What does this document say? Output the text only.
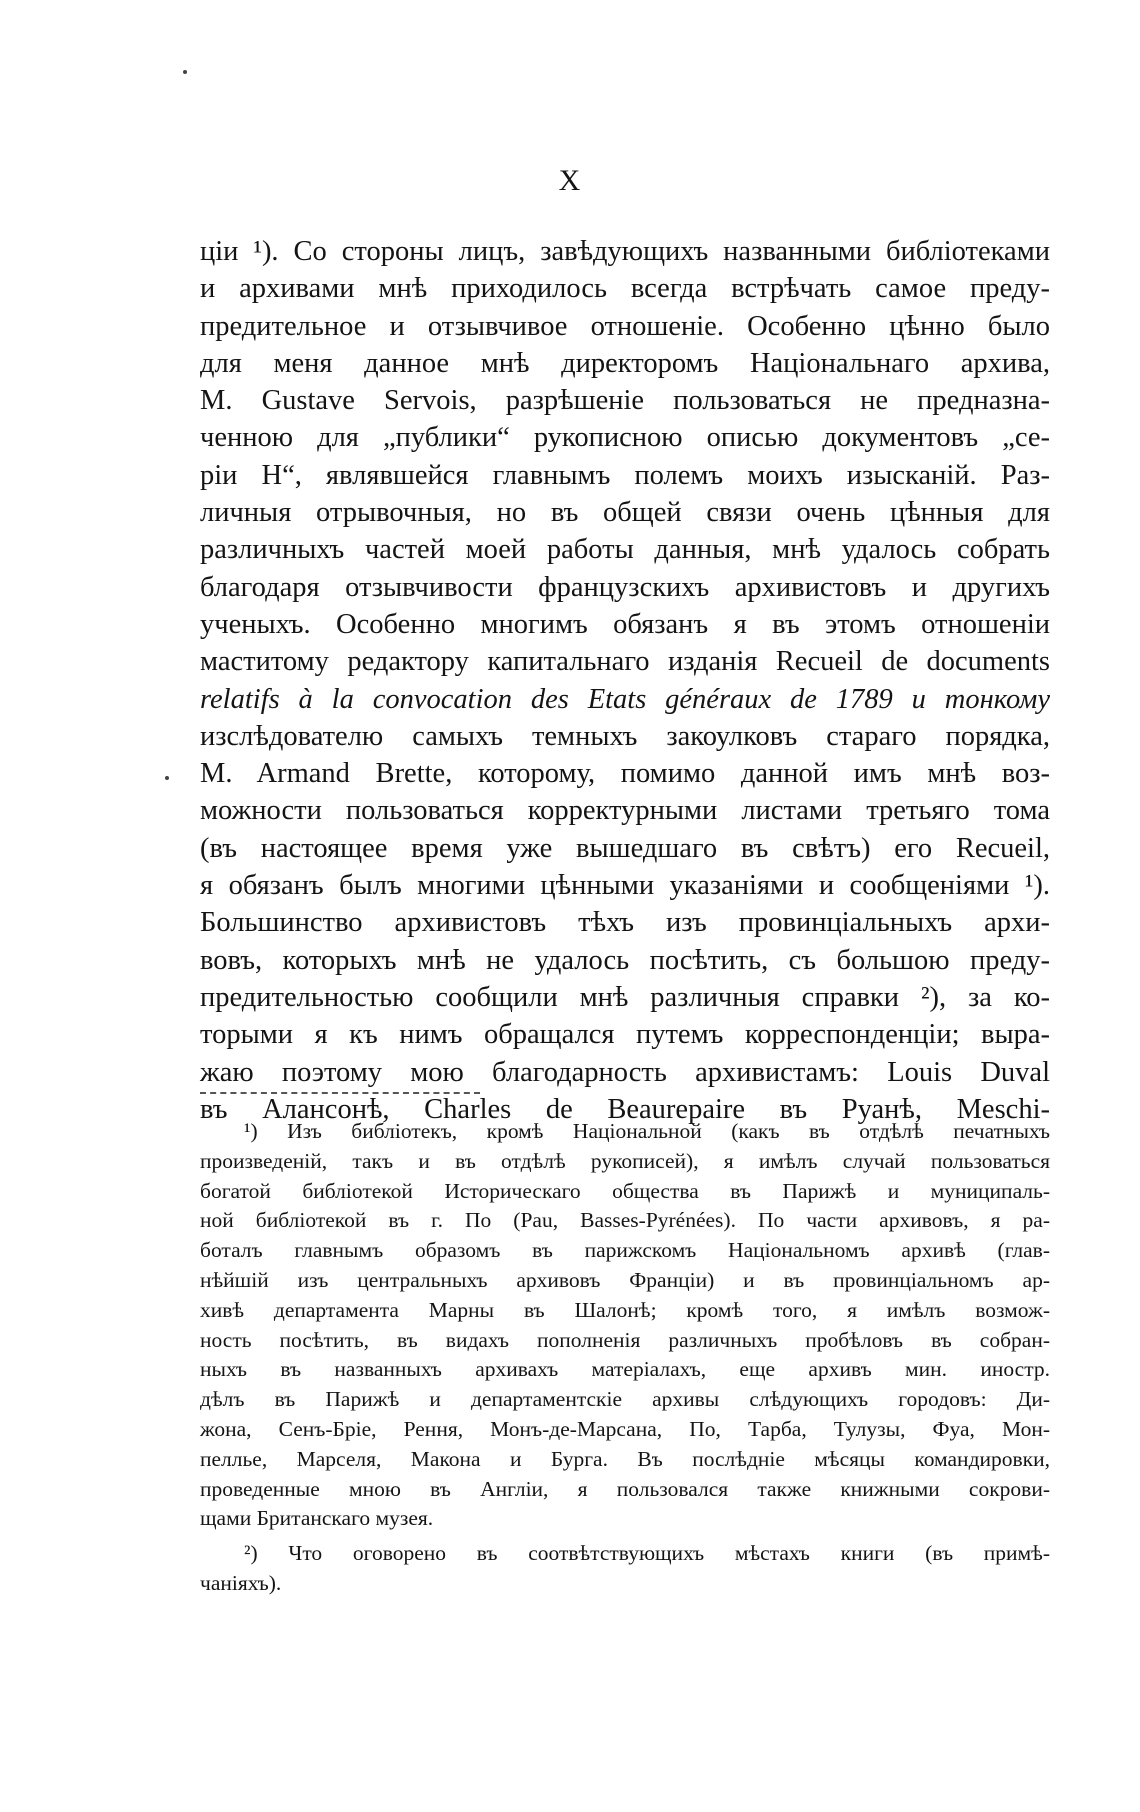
X
ціи ¹). Со стороны лицъ, завѣдующихъ названными библіотеками
и архивами мнѣ приходилось всегда встрѣчать самое преду-
предительное и отзывчивое отношеніе. Особенно цѣнно было
для меня данное мнѣ директоромъ Національнаго архива,
M. Gustave Servois, разрѣшеніе пользоваться не предназна-
ченною для „публики“ рукописною описью документовъ „се-
ріи H“, являвшейся главнымъ полемъ моихъ изысканій. Раз-
личныя отрывочныя, но въ общей связи очень цѣнныя для
различныхъ частей моей работы данныя, мнѣ удалось собрать
благодаря отзывчивости французскихъ архивистовъ и другихъ
ученыхъ. Особенно многимъ обязанъ я въ этомъ отношеніи
маститому редактору капитальнаго изданія Recueil de documents
relatifs à la convocation des Etats généraux de 1789 и тонкому
изслѣдователю самыхъ темныхъ закоулковъ стараго порядка,
M. Armand Brette, которому, помимо данной имъ мнѣ воз-
можности пользоваться корректурными листами третьяго тома
(въ настоящее время уже вышедшаго въ свѣтъ) его Recueil,
я обязанъ былъ многими цѣнными указаніями и сообщеніями ¹).
Большинство архивистовъ тѣхъ изъ провинціальныхъ архи-
вовъ, которыхъ мнѣ не удалось посѣтить, съ большою преду-
предительностью сообщили мнѣ различныя справки ²), за ко-
торыми я къ нимъ обращался путемъ корреспонденціи; выра-
жаю поэтому мою благодарность архивистамъ: Louis Duval
въ Алансонѣ, Charles de Beaurepaire въ Руанѣ, Meschi-
¹) Изъ библіотекъ, кромѣ Національной (какъ въ отдѣлѣ печатныхъ
произведеній, такъ и въ отдѣлѣ рукописей), я имѣлъ случай пользоваться
богатой библіотекой Историческаго общества въ Парижѣ и муниципаль-
ной библіотекой въ г. По (Pau, Basses-Pyrénées). По части архивовъ, я ра-
боталъ главнымъ образомъ въ парижскомъ Національномъ архивѣ (глав-
нѣйшій изъ центральныхъ архивовъ Франціи) и въ провинціальномъ ар-
хивѣ департамента Марны въ Шалонѣ; кромѣ того, я имѣлъ возмож-
ность посѣтить, въ видахъ пополненія различныхъ пробѣловъ въ собран-
ныхъ въ названныхъ архивахъ матеріалахъ, еще архивъ мин. иностр.
дѣлъ въ Парижѣ и департаментскіе архивы слѣдующихъ городовъ: Ди-
жона, Сенъ-Бріе, Рення, Монъ-де-Марсана, По, Тарба, Тулузы, Фуа, Мон-
пеллье, Марселя, Макона и Бурга. Въ послѣдніе мѣсяцы командировки,
проведенные мною въ Англіи, я пользовался также книжными сокрови-
щами Британскаго музея.
²) Что оговорено въ соотвѣтствующихъ мѣстахъ книги (въ примѣ-
чаніяхъ).
